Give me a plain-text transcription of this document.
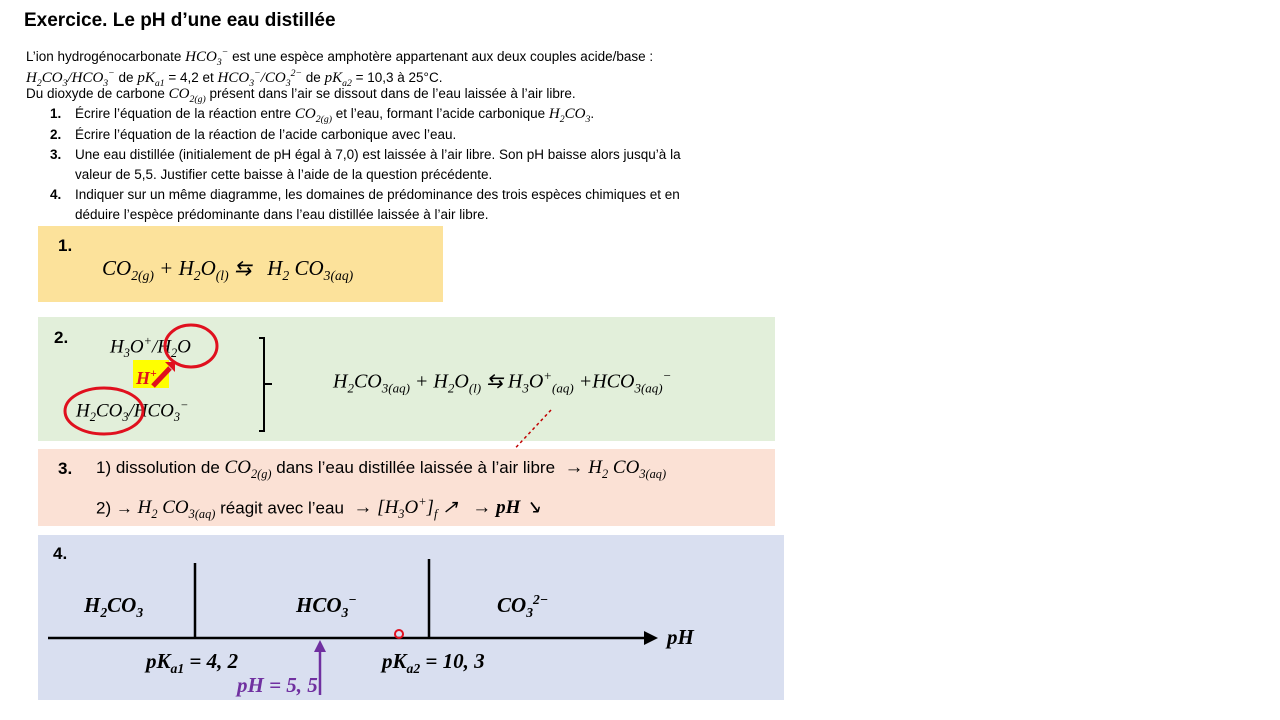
Exercice. Le pH d’une eau distillée
L’ion hydrogénocarbonate $HCO_3^-$ est une espèce amphotère appartenant aux deux couples acide/base :
$H_2CO_3/HCO_3^-$ de $pK_{a1} = 4,2$ et $HCO_3^-/CO_3^{2-}$ de $pK_{a2} = 10,3$ à 25°C.
Du dioxyde de carbone $CO_{2(g)}$ présent dans l’air se dissout dans de l’eau laissée à l’air libre.
1. Écrire l’équation de la réaction entre $CO_{2(g)}$ et l’eau, formant l’acide carbonique $H_2CO_3$.
2. Écrire l’équation de la réaction de l’acide carbonique avec l’eau.
3. Une eau distillée (initialement de pH égal à 7,0) est laissée à l’air libre. Son pH baisse alors jusqu’à la
valeur de 5,5. Justifier cette baisse à l’aide de la question précédente.
4. Indiquer sur un même diagramme, les domaines de prédominance des trois espèces chimiques et en
déduire l’espèce prédominante dans l’eau distillée laissée à l’air libre.
1.
$CO_{2(g)} + H_2O_{(l)}$ ⇆   $H_2$ $CO_{3(aq)}$
2. $H_3O^+/H_2O$
$H_2CO_3/HCO_3^-$
H+	$H_2CO_{3(aq)} + H_2O_{(l)}$ ⇆ $H_3O^+_{(aq)} +HCO_{3(aq)}^-$
3. 1) dissolution de $CO_{2(g)}$ dans l’eau distillée laissée à l’air libre  → $H_2$ $CO_{3(aq)}$
$2) \to H_2$ $CO_{3(aq)}$ réagit avec l’eau  → $[H_3O^+]_f$ ↗   → pH ↘
4.
$H_2CO_3$	$HCO_3^-$	$CO_3^{2-}$
pH
$pK_{a1} = 4$, 2	$pK_{a2} = 10$, 3
pH = 5, 5
